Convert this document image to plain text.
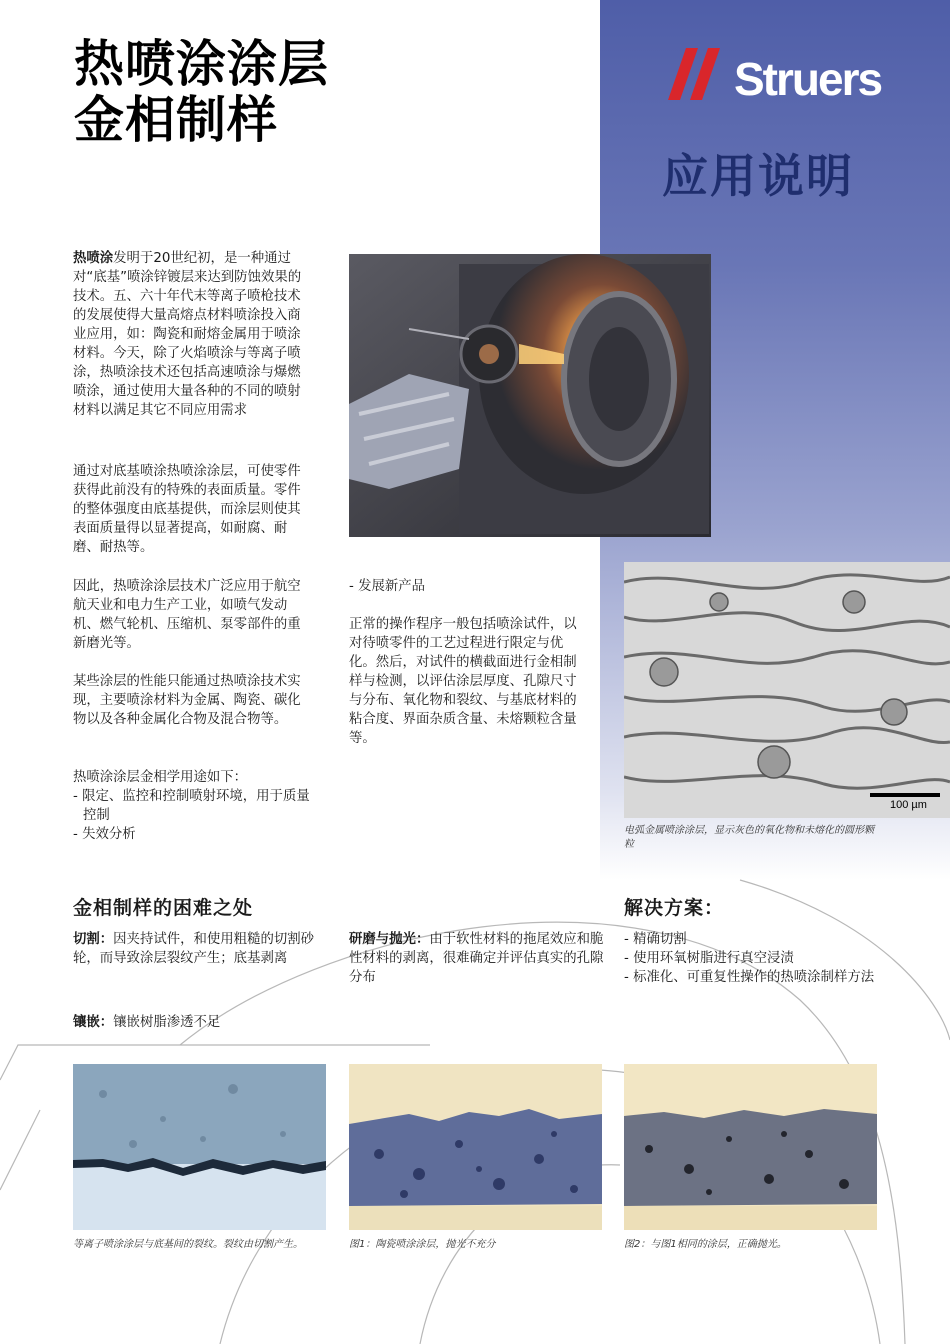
热喷涂涂层
金相制样
Struers
应用说明

热喷涂发明于20世纪初，是一种通过对“底基”喷涂锌镀层来达到防蚀效果的技术。五、六十年代末等离子喷枪技术的发展使得大量高熔点材料喷涂投入商业应用，如：陶瓷和耐熔金属用于喷涂材料。今天，除了火焰喷涂与等离子喷涂，热喷涂技术还包括高速喷涂与爆燃喷涂，通过使用大量各种的不同的喷射材料以满足其它不同应用需求

通过对底基喷涂热喷涂涂层，可使零件获得此前没有的特殊的表面质量。零件的整体强度由底基提供，而涂层则使其表面质量得以显著提高，如耐腐、耐磨、耐热等。

因此，热喷涂涂层技术广泛应用于航空航天业和电力生产工业，如喷气发动机、燃气轮机、压缩机、泵零部件的重新磨光等。

某些涂层的性能只能通过热喷涂技术实现，主要喷涂材料为金属、陶瓷、碳化物以及各种金属化合物及混合物等。

热喷涂涂层金相学用途如下：
- 限定、监控和控制喷射环境，用于质量控制
- 失效分析

- 发展新产品

正常的操作程序一般包括喷涂试件，以对待喷零件的工艺过程进行限定与优化。然后，对试件的横截面进行金相制样与检测，以评估涂层厚度、孔隙尺寸与分布、氧化物和裂纹、与基底材料的粘合度、界面杂质含量、未熔颗粒含量等。

100 µm
电弧金属喷涂涂层，显示灰色的氧化物和未熔化的圆形颗粒
金相制样的困难之处

切割：因夹持试件，和使用粗糙的切割砂轮，而导致涂层裂纹产生；底基剥离

镶嵌：镶嵌树脂渗透不足

研磨与抛光：由于软性材料的拖尾效应和脆性材料的剥离，很难确定并评估真实的孔隙分布

解决方案：

- 精确切割
- 使用环氧树脂进行真空浸渍
- 标准化、可重复性操作的热喷涂制样方法

等离子喷涂涂层与底基间的裂纹。裂纹由切割产生。	图1：陶瓷喷涂涂层，抛光不充分	图2：与图1相同的涂层，正确抛光。
